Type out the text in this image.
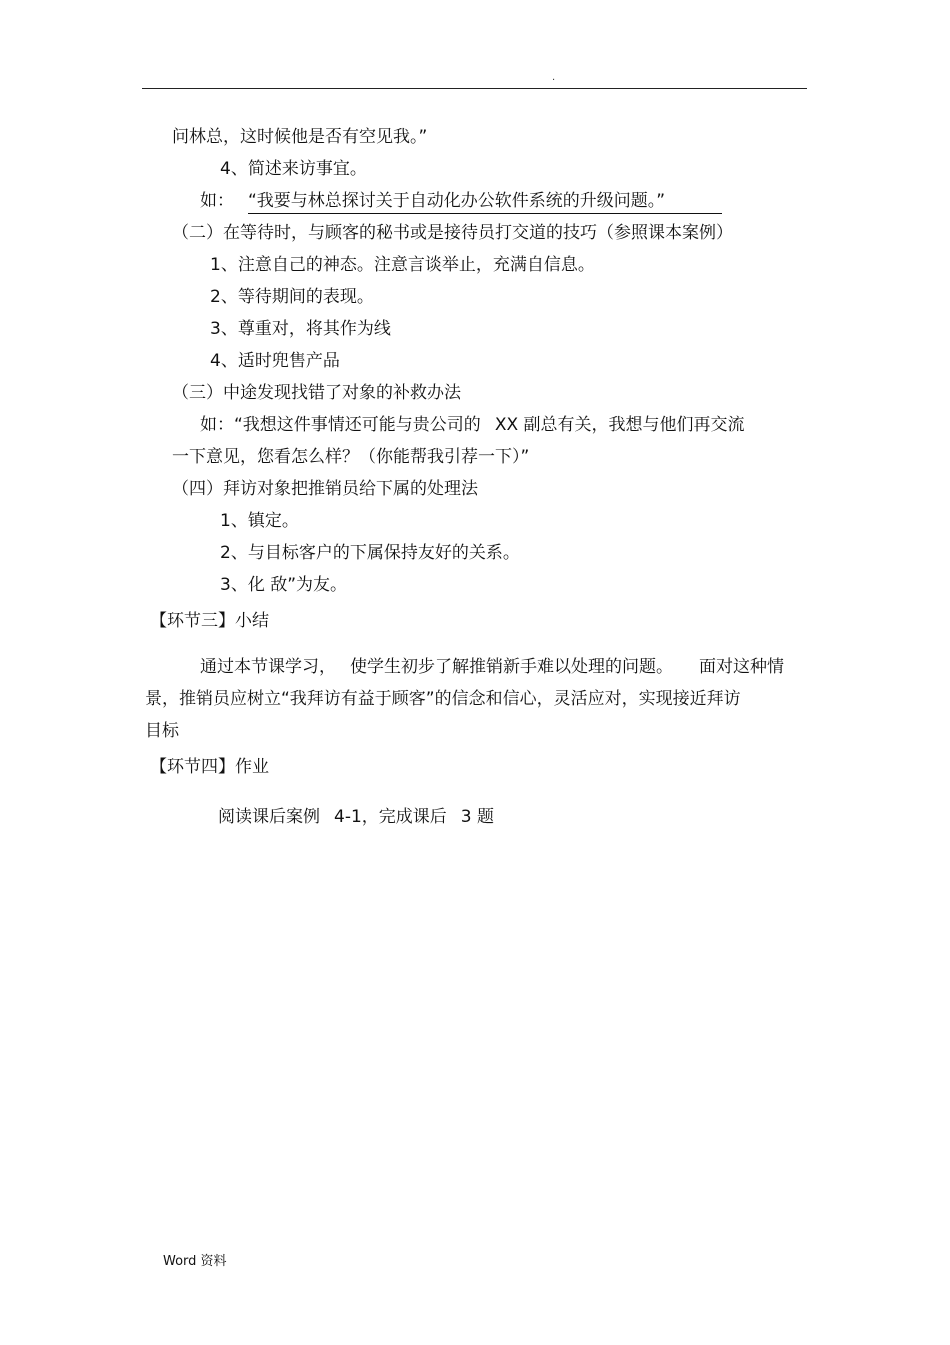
.
问林总，这时候他是否有空见我。”
4、简述来访事宜。
如： “我要与林总探讨关于自动化办公软件系统的升级问题。”
（二）在等待时，与顾客的秘书或是接待员打交道的技巧（参照课本案例）
1、注意自己的神态。注意言谈举止，充满自信息。
2、等待期间的表现。
3、尊重对，将其作为线
4、适时兜售产品
（三）中途发现找错了对象的补救办法
如：“我想这件事情还可能与贵公司的 XX 副总有关，我想与他们再交流
一下意见，您看怎么样？（你能帮我引荐一下）”
（四）拜访对象把推销员给下属的处理法
1、镇定。
2、与目标客户的下属保持友好的关系。
3、化 敌”为友。
【环节三】小结
通过本节课学习， 使学生初步了解推销新手难以处理的问题。 面对这种情
景，推销员应树立“我拜访有益于顾客”的信念和信心，灵活应对，实现接近拜访
目标
【环节四】作业
阅读课后案例 4-1，完成课后 3 题
Word 资料
